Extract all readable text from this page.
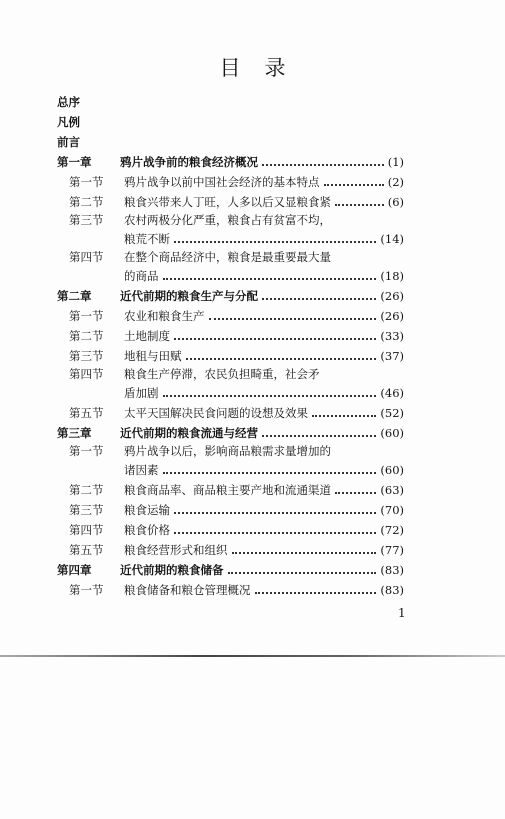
目录
总序
凡例
前言
第一章	鸦片战争前的粮食经济概况	(1)
第一节	鸦片战争以前中国社会经济的基本特点	(2)
第二节	粮食兴带来人丁旺，人多以后又显粮食紧	(6)
第三节	农村两极分化严重，粮食占有贫富不均，
粮荒不断	(14)
第四节	在整个商品经济中，粮食是最重要最大量
的商品	(18)
第二章	近代前期的粮食生产与分配	(26)
第一节	农业和粮食生产	(26)
第二节	土地制度	(33)
第三节	地租与田赋	(37)
第四节	粮食生产停滞，农民负担畸重，社会矛
盾加剧	(46)
第五节	太平天国解决民食问题的设想及效果	(52)
第三章	近代前期的粮食流通与经营	(60)
第一节	鸦片战争以后，影响商品粮需求量增加的
诸因素	(60)
第二节	粮食商品率、商品粮主要产地和流通渠道	(63)
第三节	粮食运输	(70)
第四节	粮食价格	(72)
第五节	粮食经营形式和组织	(77)
第四章	近代前期的粮食储备	(83)
第一节	粮食储备和粮仓管理概况	(83)
1
